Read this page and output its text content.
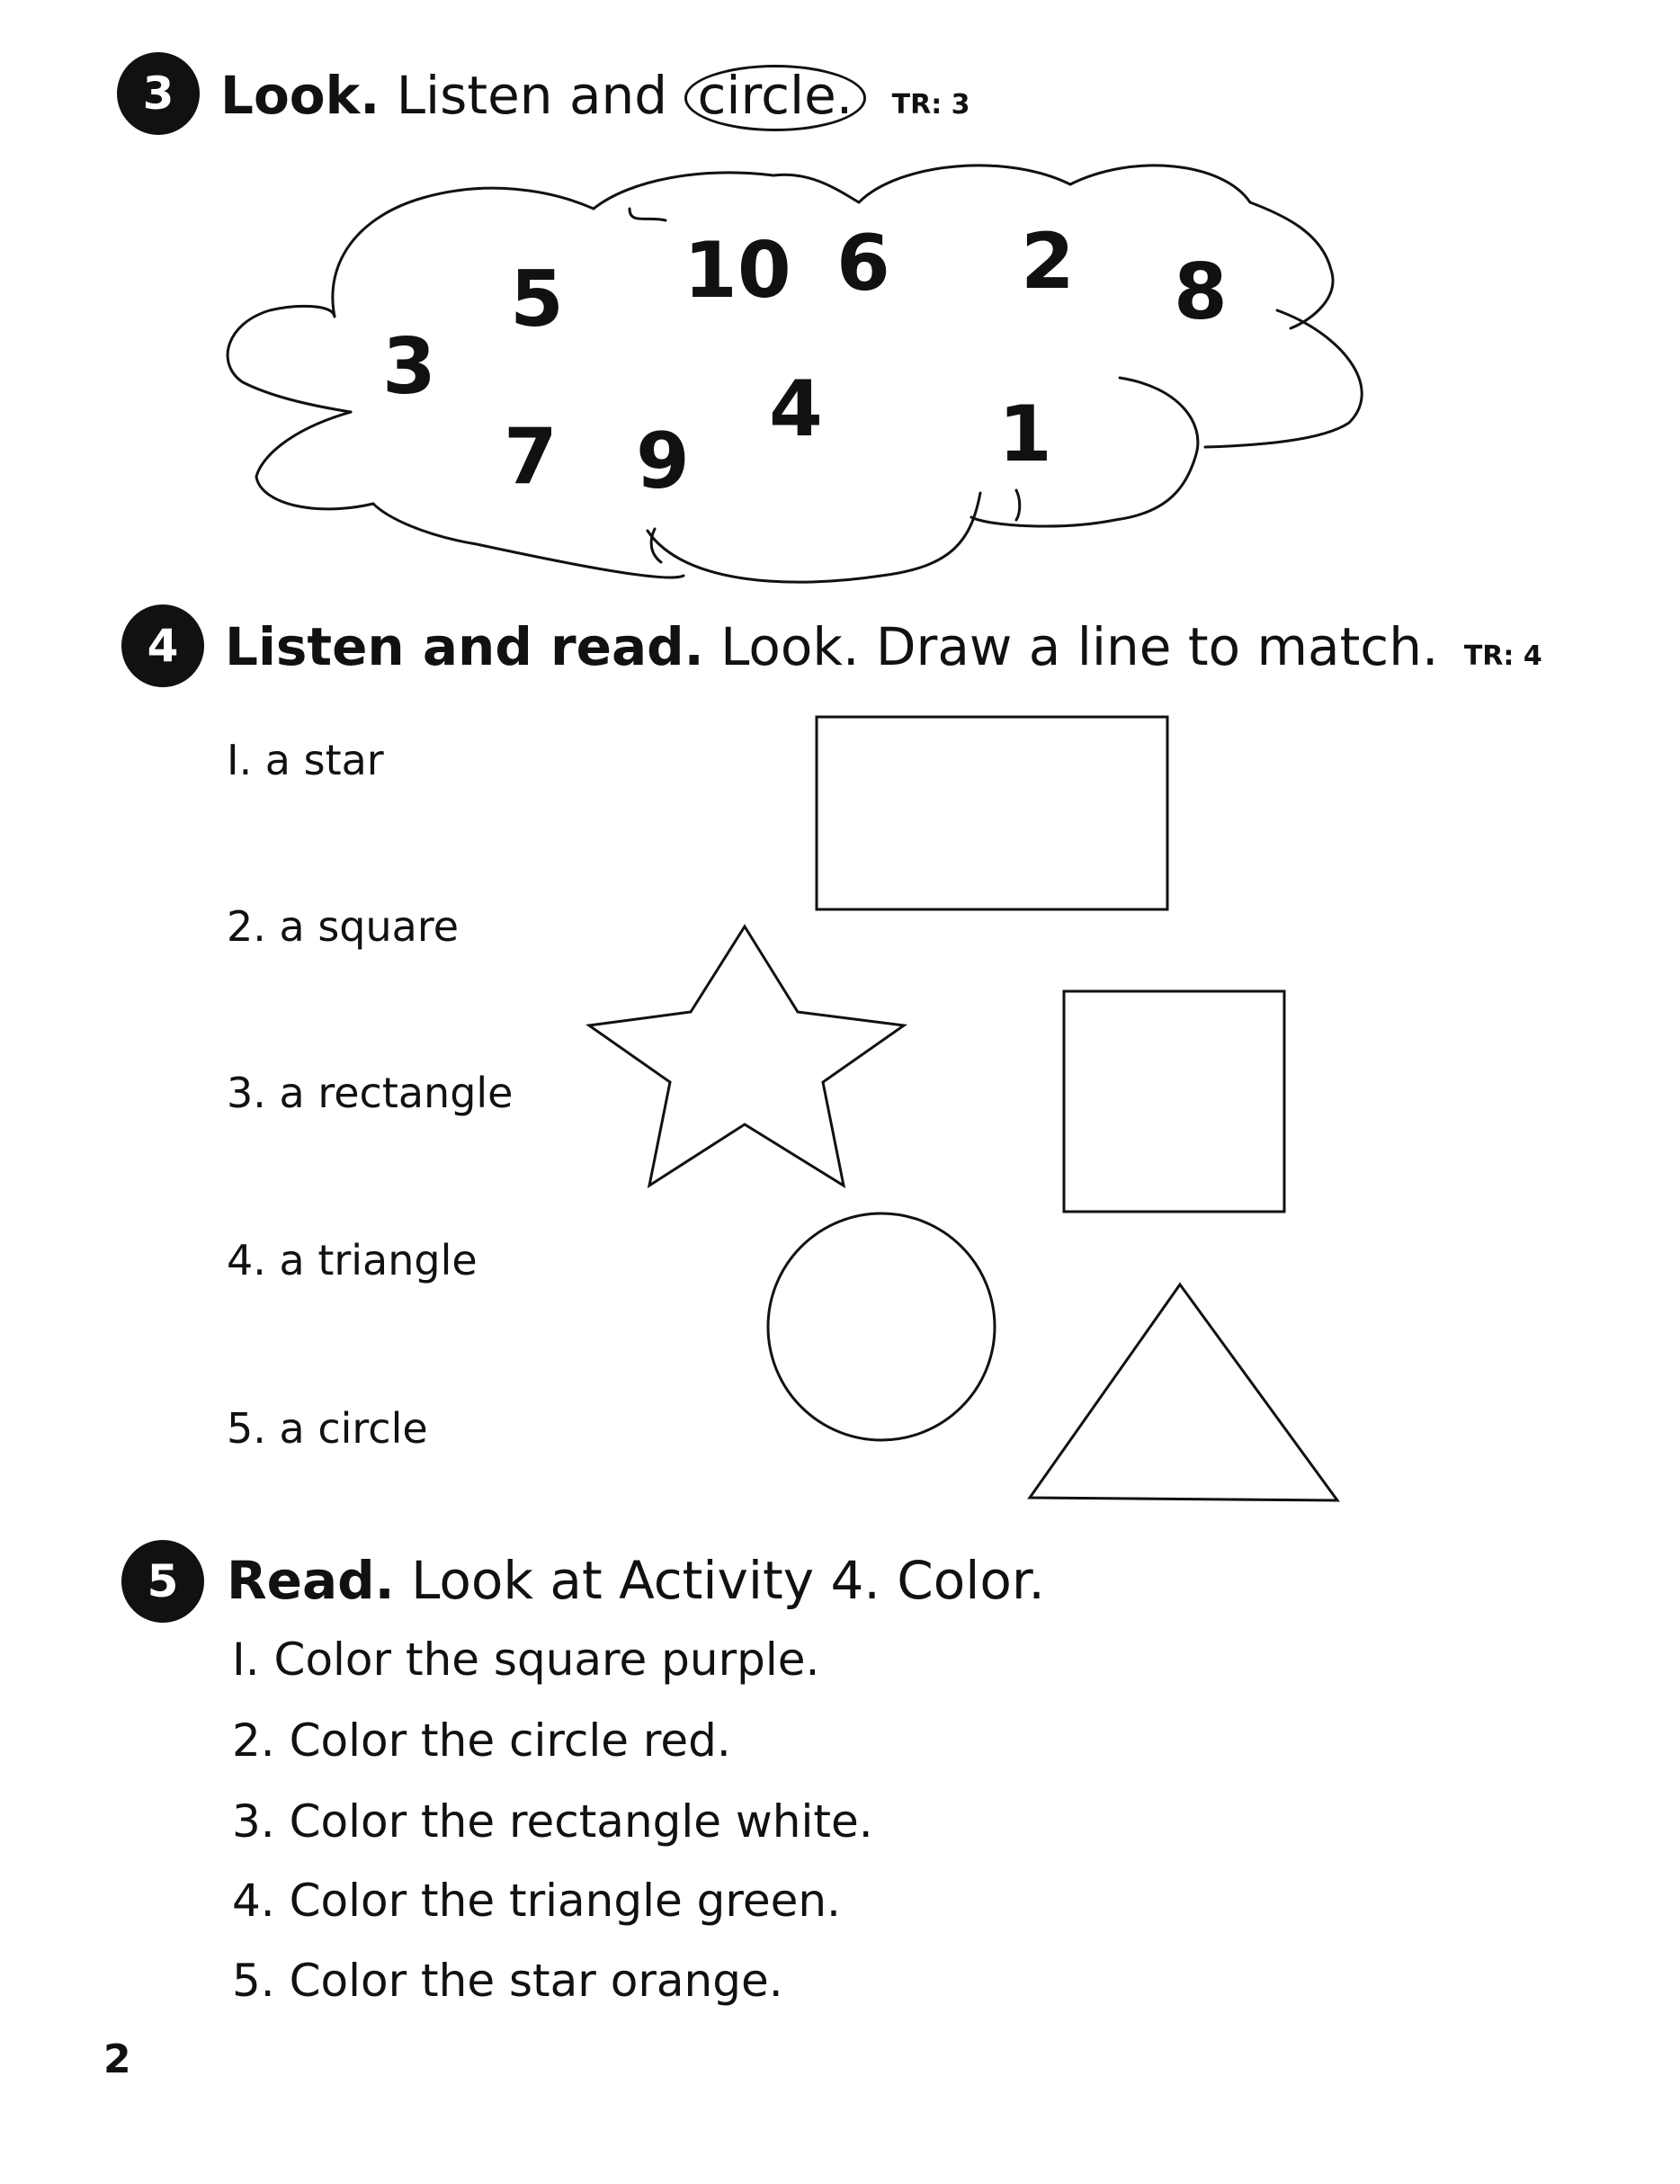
3 Look. Listen and circle. TR: 3
5 10 6 2 8
3
7 9
4 1
4 Listen and read. Look. Draw a line to match. TR: 4
I. a star
2. a square
3. a rectangle
4. a triangle
5. a circle
5 Read. Look at Activity 4. Color.
I. Color the square purple.
2. Color the circle red.
3. Color the rectangle white.
4. Color the triangle green.
5. Color the star orange.
2
